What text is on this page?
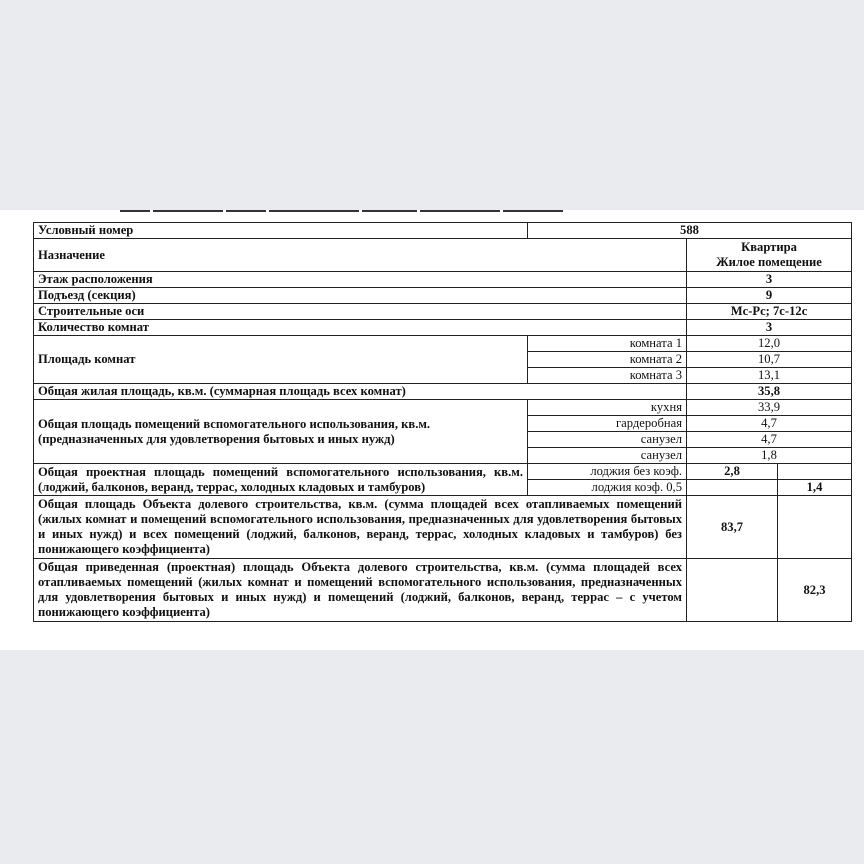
Условный номер	588		
Назначение		Квартира
Жилое помещение	

Этаж расположения		3	
Подъезд (секция)		9	
Строительные оси		Мс-Рс; 7с-12с	
Количество комнат		3	
Площадь комнат	комната 1	12,0	
	комната 2	10,7	
	комната 3	13,1	
Общая жилая площадь, кв.м. (суммарная площадь всех комнат)		35,8	

Общая площадь помещений вспомогательного использования, кв.м.
(предназначенных для удовлетворения бытовых и иных нужд)	кухня	33,9	
	гардеробная	4,7	
	санузел	4,7	
	санузел	1,8	
Общая проектная площадь помещений вспомогательного использования, кв.м. (лоджий, балконов, веранд, террас, холодных кладовых и тамбуров)	лоджия без коэф.	2,8	
	лоджия коэф. 0,5		1,4
Общая площадь Объекта долевого строительства, кв.м. (сумма площадей всех отапливаемых помещений (жилых комнат и помещений вспомогательного использования, предназначенных для удовлетворения бытовых и иных нужд) и всех помещений (лоджий, балконов, веранд, террас, холодных кладовых и тамбуров) без понижающего коэффициента)		83,7	
Общая приведенная (проектная) площадь Объекта долевого строительства, кв.м. (сумма площадей всех отапливаемых помещений (жилых комнат и помещений вспомогательного использования, предназначенных для удовлетворения бытовых и иных нужд) и помещений (лоджий, балконов, веранд, террас – с учетом понижающего коэффициента)			82,3
